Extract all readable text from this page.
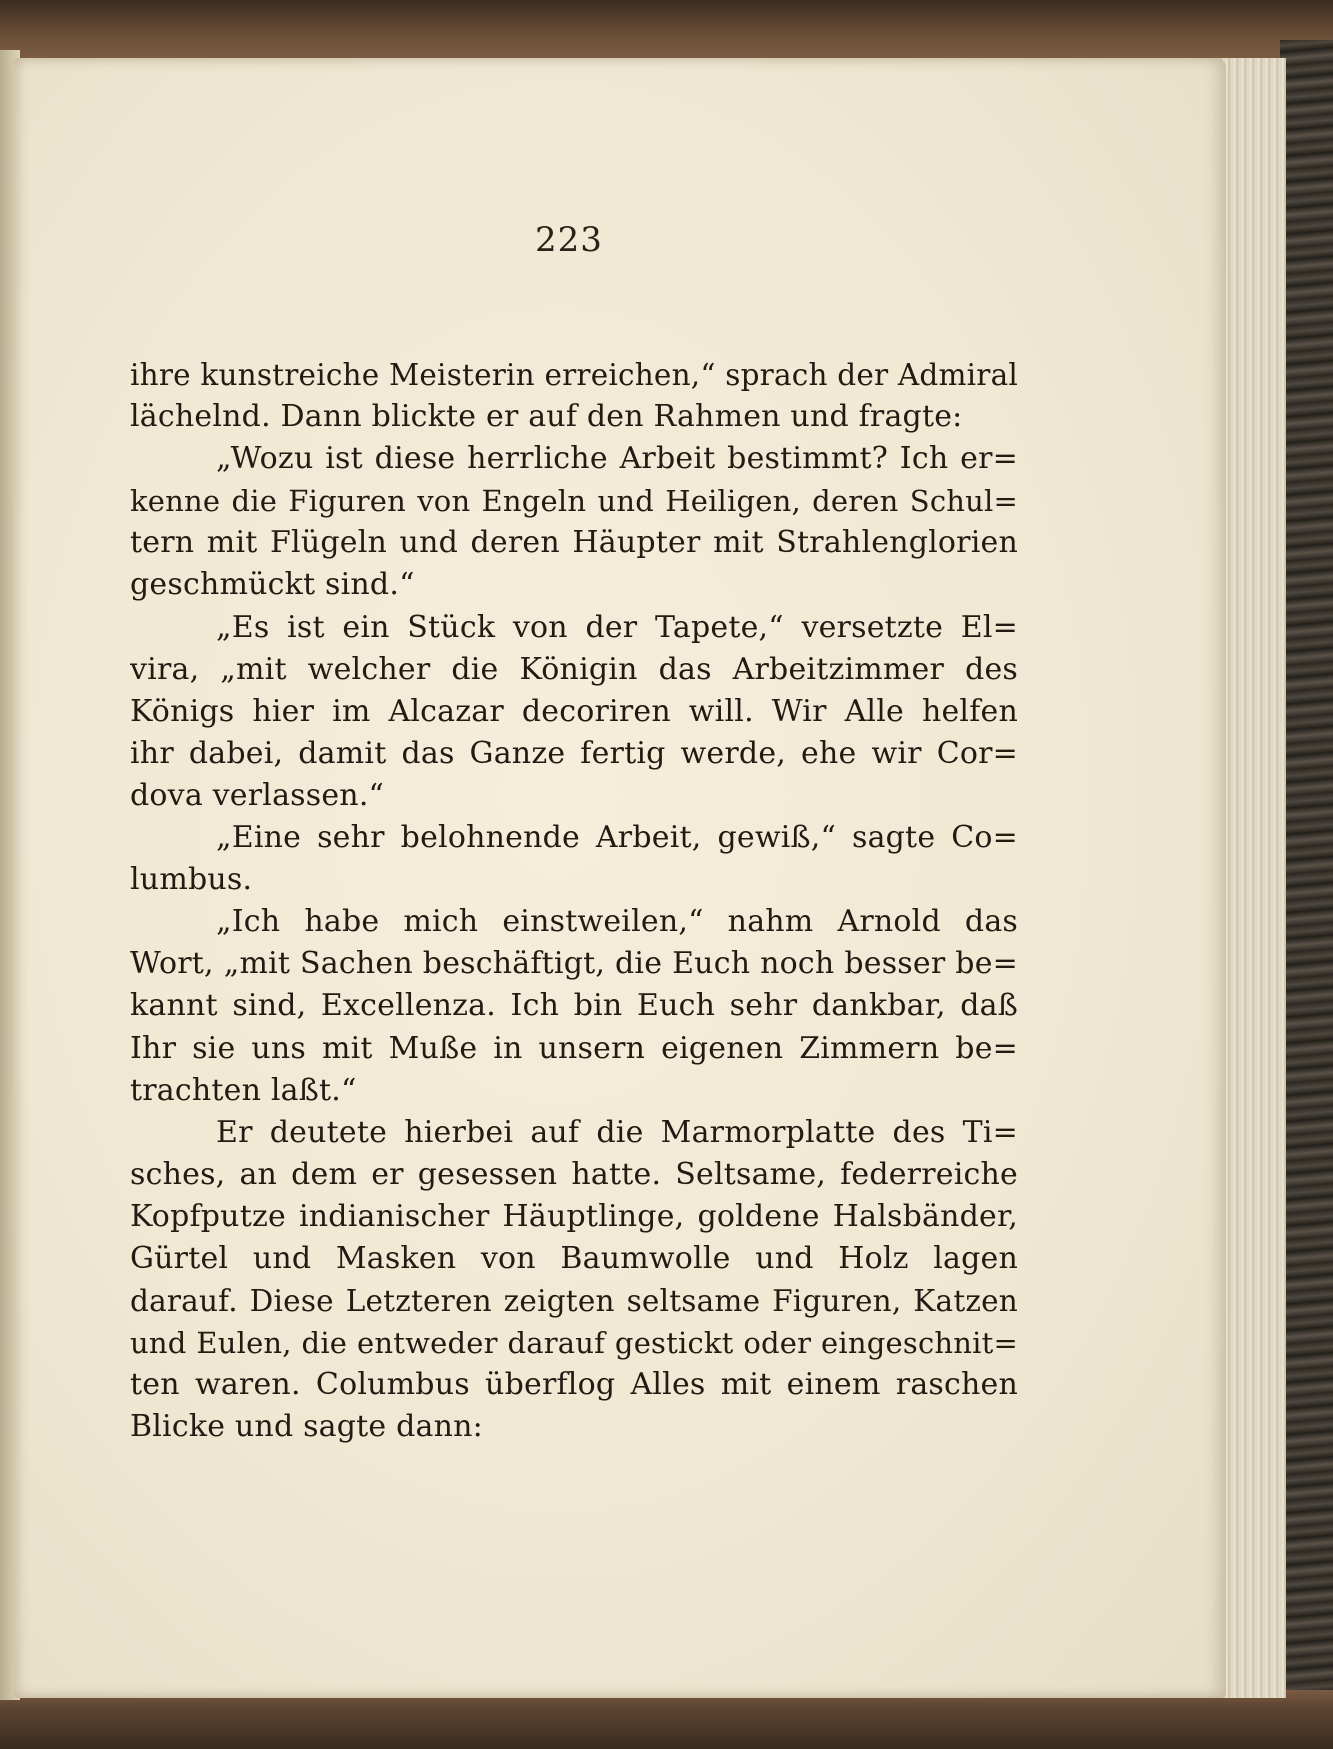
223
ihre kunstreiche Meisterin erreichen,“ sprach der Admiral
lächelnd. Dann blickte er auf den Rahmen und fragte:
„Wozu ist diese herrliche Arbeit bestimmt? Ich er=
kenne die Figuren von Engeln und Heiligen, deren Schul=
tern mit Flügeln und deren Häupter mit Strahlenglorien
geschmückt sind.“
„Es ist ein Stück von der Tapete,“ versetzte El=
vira, „mit welcher die Königin das Arbeitzimmer des
Königs hier im Alcazar decoriren will. Wir Alle helfen
ihr dabei, damit das Ganze fertig werde, ehe wir Cor=
dova verlassen.“
„Eine sehr belohnende Arbeit, gewiß,“ sagte Co=
lumbus.
„Ich habe mich einstweilen,“ nahm Arnold das
Wort, „mit Sachen beschäftigt, die Euch noch besser be=
kannt sind, Excellenza. Ich bin Euch sehr dankbar, daß
Ihr sie uns mit Muße in unsern eigenen Zimmern be=
trachten laßt.“
Er deutete hierbei auf die Marmorplatte des Ti=
sches, an dem er gesessen hatte. Seltsame, federreiche
Kopfputze indianischer Häuptlinge, goldene Halsbänder,
Gürtel und Masken von Baumwolle und Holz lagen
darauf. Diese Letzteren zeigten seltsame Figuren, Katzen
und Eulen, die entweder darauf gestickt oder eingeschnit=
ten waren. Columbus überflog Alles mit einem raschen
Blicke und sagte dann:
